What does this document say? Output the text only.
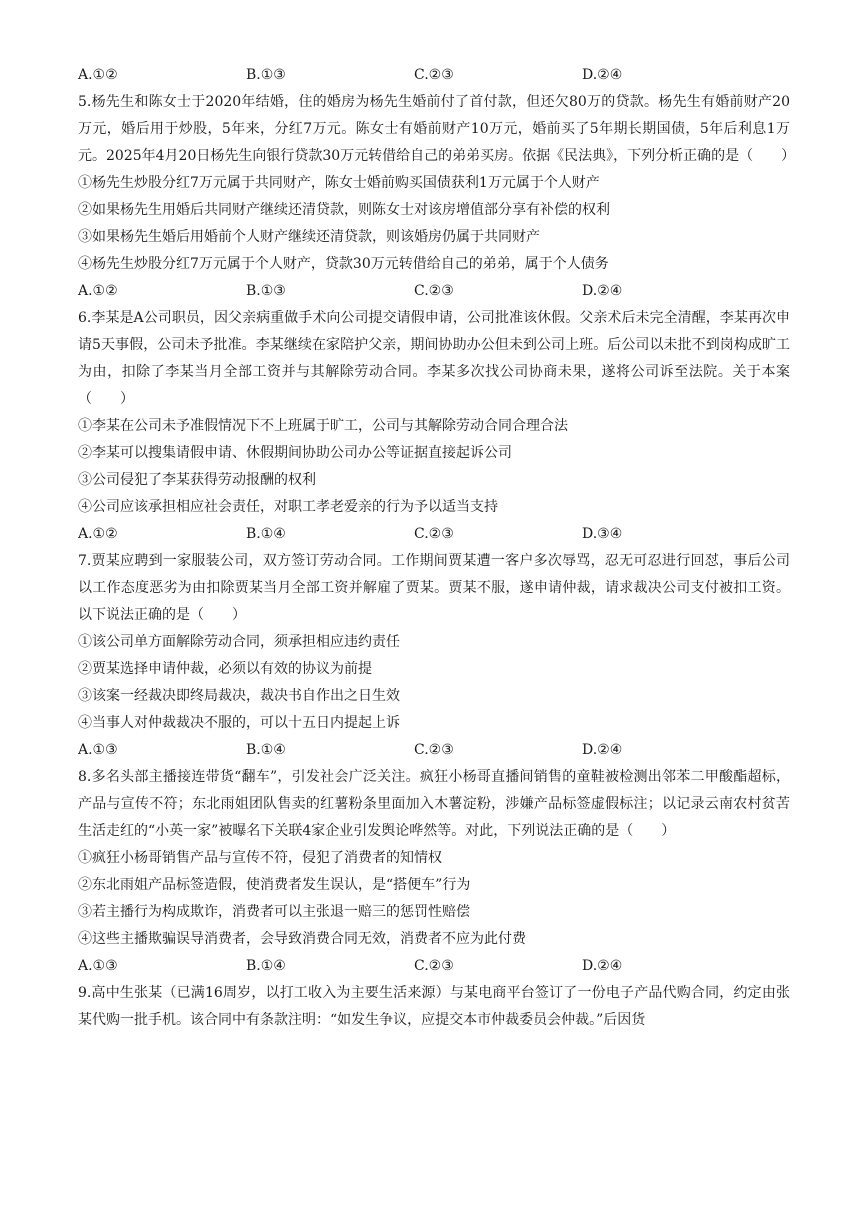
A.①②	B.①③	C.②③	D.②④
5.杨先生和陈女士于2020年结婚，住的婚房为杨先生婚前付了首付款，但还欠80万的贷款。杨先生有婚前财产20万元，婚后用于炒股，5年来，分红7万元。陈女士有婚前财产10万元，婚前买了5年期长期国债，5年后利息1万元。2025年4月20日杨先生向银行贷款30万元转借给自己的弟弟买房。依据《民法典》，下列分析正确的是（　　）
①杨先生炒股分红7万元属于共同财产，陈女士婚前购买国债获利1万元属于个人财产
②如果杨先生用婚后共同财产继续还清贷款，则陈女士对该房增值部分享有补偿的权利
③如果杨先生婚后用婚前个人财产继续还清贷款，则该婚房仍属于共同财产
④杨先生炒股分红7万元属于个人财产，贷款30万元转借给自己的弟弟，属于个人债务
A.①②	B.①③	C.②③	D.②④
6.李某是A公司职员，因父亲病重做手术向公司提交请假申请，公司批准该休假。父亲术后未完全清醒，李某再次申请5天事假，公司未予批准。李某继续在家陪护父亲，期间协助办公但未到公司上班。后公司以未批不到岗构成旷工为由，扣除了李某当月全部工资并与其解除劳动合同。李某多次找公司协商未果，遂将公司诉至法院。关于本案（　　）
①李某在公司未予准假情况下不上班属于旷工，公司与其解除劳动合同合理合法
②李某可以搜集请假申请、休假期间协助公司办公等证据直接起诉公司
③公司侵犯了李某获得劳动报酬的权利
④公司应该承担相应社会责任，对职工孝老爱亲的行为予以适当支持
A.①②	B.①④	C.②③	D.③④
7.贾某应聘到一家服装公司，双方签订劳动合同。工作期间贾某遭一客户多次辱骂，忍无可忍进行回怼，事后公司以工作态度恶劣为由扣除贾某当月全部工资并解雇了贾某。贾某不服，遂申请仲裁，请求裁决公司支付被扣工资。以下说法正确的是（　　）
①该公司单方面解除劳动合同，须承担相应违约责任
②贾某选择申请仲裁，必须以有效的协议为前提
③该案一经裁决即终局裁决，裁决书自作出之日生效
④当事人对仲裁裁决不服的，可以十五日内提起上诉
A.①③	B.①④	C.②③	D.②④
8.多名头部主播接连带货“翻车”，引发社会广泛关注。疯狂小杨哥直播间销售的童鞋被检测出邻苯二甲酸酯超标，产品与宣传不符；东北雨姐团队售卖的红薯粉条里面加入木薯淀粉，涉嫌产品标签虚假标注；以记录云南农村贫苦生活走红的“小英一家”被曝名下关联4家企业引发舆论哗然等。对此，下列说法正确的是（　　）
①疯狂小杨哥销售产品与宣传不符，侵犯了消费者的知情权
②东北雨姐产品标签造假，使消费者发生误认，是“搭便车”行为
③若主播行为构成欺诈，消费者可以主张退一赔三的惩罚性赔偿
④这些主播欺骗误导消费者，会导致消费合同无效，消费者不应为此付费
A.①③	B.①④	C.②③	D.②④
9.高中生张某（已满16周岁，以打工收入为主要生活来源）与某电商平台签订了一份电子产品代购合同，约定由张某代购一批手机。该合同中有条款注明：“如发生争议，应提交本市仲裁委员会仲裁。”后因货
